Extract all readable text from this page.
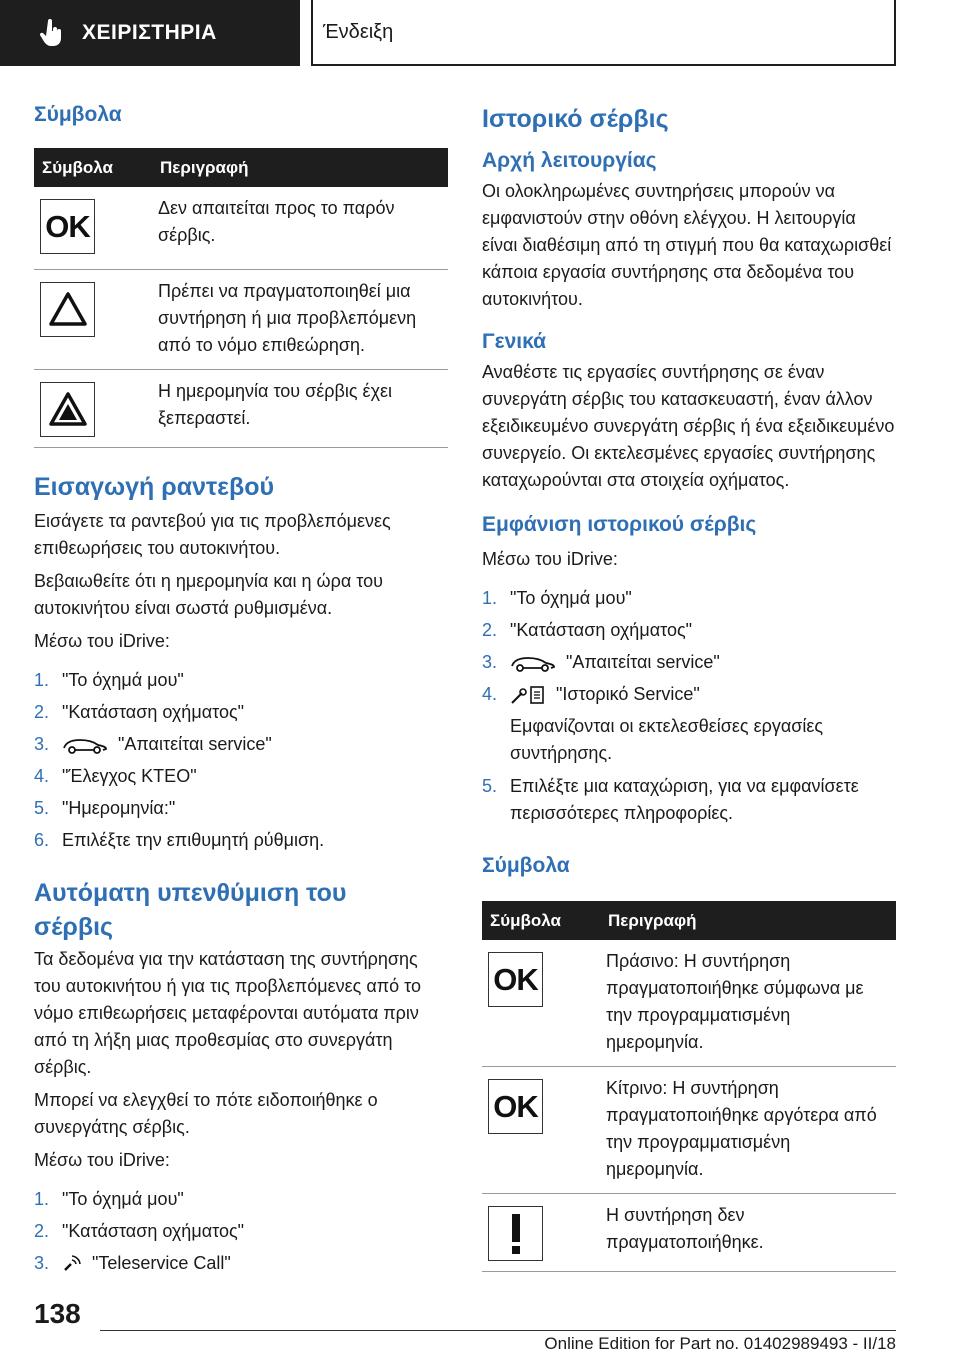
ΧΕΙΡΙΣΤΗΡΙΑ	Ένδειξη
Σύμβολα
Σύμβολα	Περιγραφή

OK	Δεν απαιτείται προς το παρόν σέρβις.

	Πρέπει να πραγματοποιηθεί μια συντήρηση ή μια προβλεπόμενη από το νόμο επιθεώρηση.

	Η ημερομηνία του σέρβις έχει ξεπεραστεί.
Εισαγωγή ραντεβού

Εισάγετε τα ραντεβού για τις προβλεπόμενες επιθεωρήσεις του αυτοκινήτου.

Βεβαιωθείτε ότι η ημερομηνία και η ώρα του αυτοκινήτου είναι σωστά ρυθμισμένα.

Μέσω του iDrive:

1. "Το όχημά μου"
2. "Κατάσταση οχήματος"
3.	"Απαιτείται service"
4. "Έλεγχος ΚΤΕΟ"
5. "Ημερομηνία:"
6. Επιλέξτε την επιθυμητή ρύθμιση.
Αυτόματη υπενθύμιση του
σέρβις

Τα δεδομένα για την κατάσταση της συντήρησης του αυτοκινήτου ή για τις προβλεπόμενες από το νόμο επιθεωρήσεις μεταφέρονται αυτόματα πριν από τη λήξη μιας προθεσμίας στο συνεργάτη σέρβις.

Μπορεί να ελεγχθεί το πότε ειδοποιήθηκε ο συνεργάτης σέρβις.

Μέσω του iDrive:

1. "Το όχημά μου"
2. "Κατάσταση οχήματος"
3.	"Teleservice Call"
Ιστορικό σέρβις
Αρχή λειτουργίας

Οι ολοκληρωμένες συντηρήσεις μπορούν να εμφανιστούν στην οθόνη ελέγχου. Η λειτουργία είναι διαθέσιμη από τη στιγμή που θα καταχωρισθεί κάποια εργασία συντήρησης στα δεδομένα του αυτοκινήτου.

Γενικά

Αναθέστε τις εργασίες συντήρησης σε έναν συνεργάτη σέρβις του κατασκευαστή, έναν άλλον εξειδικευμένο συνεργάτη σέρβις ή ένα εξειδικευμένο συνεργείο. Οι εκτελεσμένες εργασίες συντήρησης καταχωρούνται στα στοιχεία οχήματος.

Εμφάνιση ιστορικού σέρβις

Μέσω του iDrive:

1. "Το όχημά μου"
2. "Κατάσταση οχήματος"
3.	"Απαιτείται service"
4.	"Ιστορικό Service"

Εμφανίζονται οι εκτελεσθείσες εργασίες συντήρησης.

5. Επιλέξτε μια καταχώριση, για να εμφανίσετε περισσότερες πληροφορίες.
Σύμβολα
Σύμβολα	Περιγραφή

OK	Πράσινο: Η συντήρηση πραγματοποιήθηκε σύμφωνα με την προγραμματισμένη ημερομηνία.

OK	Κίτρινο: Η συντήρηση πραγματοποιήθηκε αργότερα από την προγραμματισμένη ημερομηνία.

	Η συντήρηση δεν πραγματοποιήθηκε.
138
Online Edition for Part no. 01402989493 - II/18
